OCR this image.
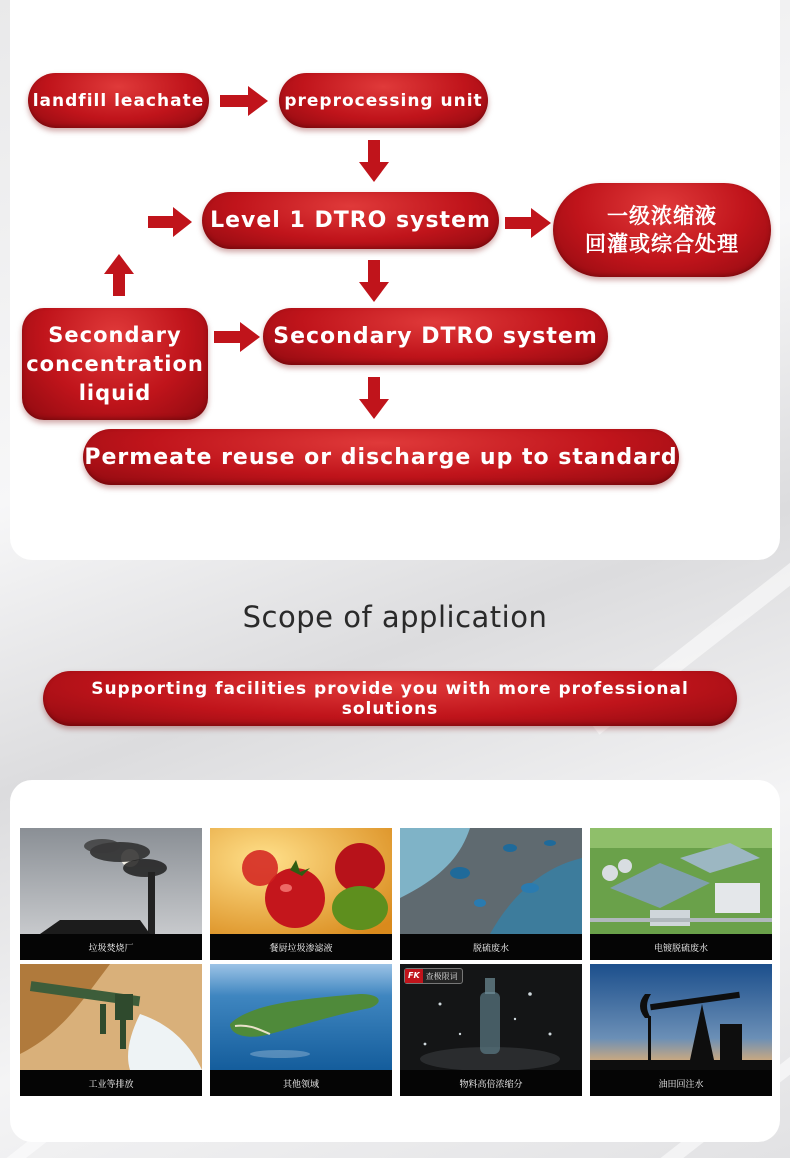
landfill leachate	preprocessing unit
Level 1 DTRO system	一级浓缩液
回灌或综合处理
Secondary concentration liquid
Secondary DTRO system
Permeate reuse or discharge up to standard
Scope of application
Supporting facilities provide you with more professional solutions
垃圾焚烧厂	餐厨垃圾渗滤液	脱硫废水	电镀脱硫废水
工业等排放	其他领域
FK 查极限词
物料高倍浓缩分	油田回注水
